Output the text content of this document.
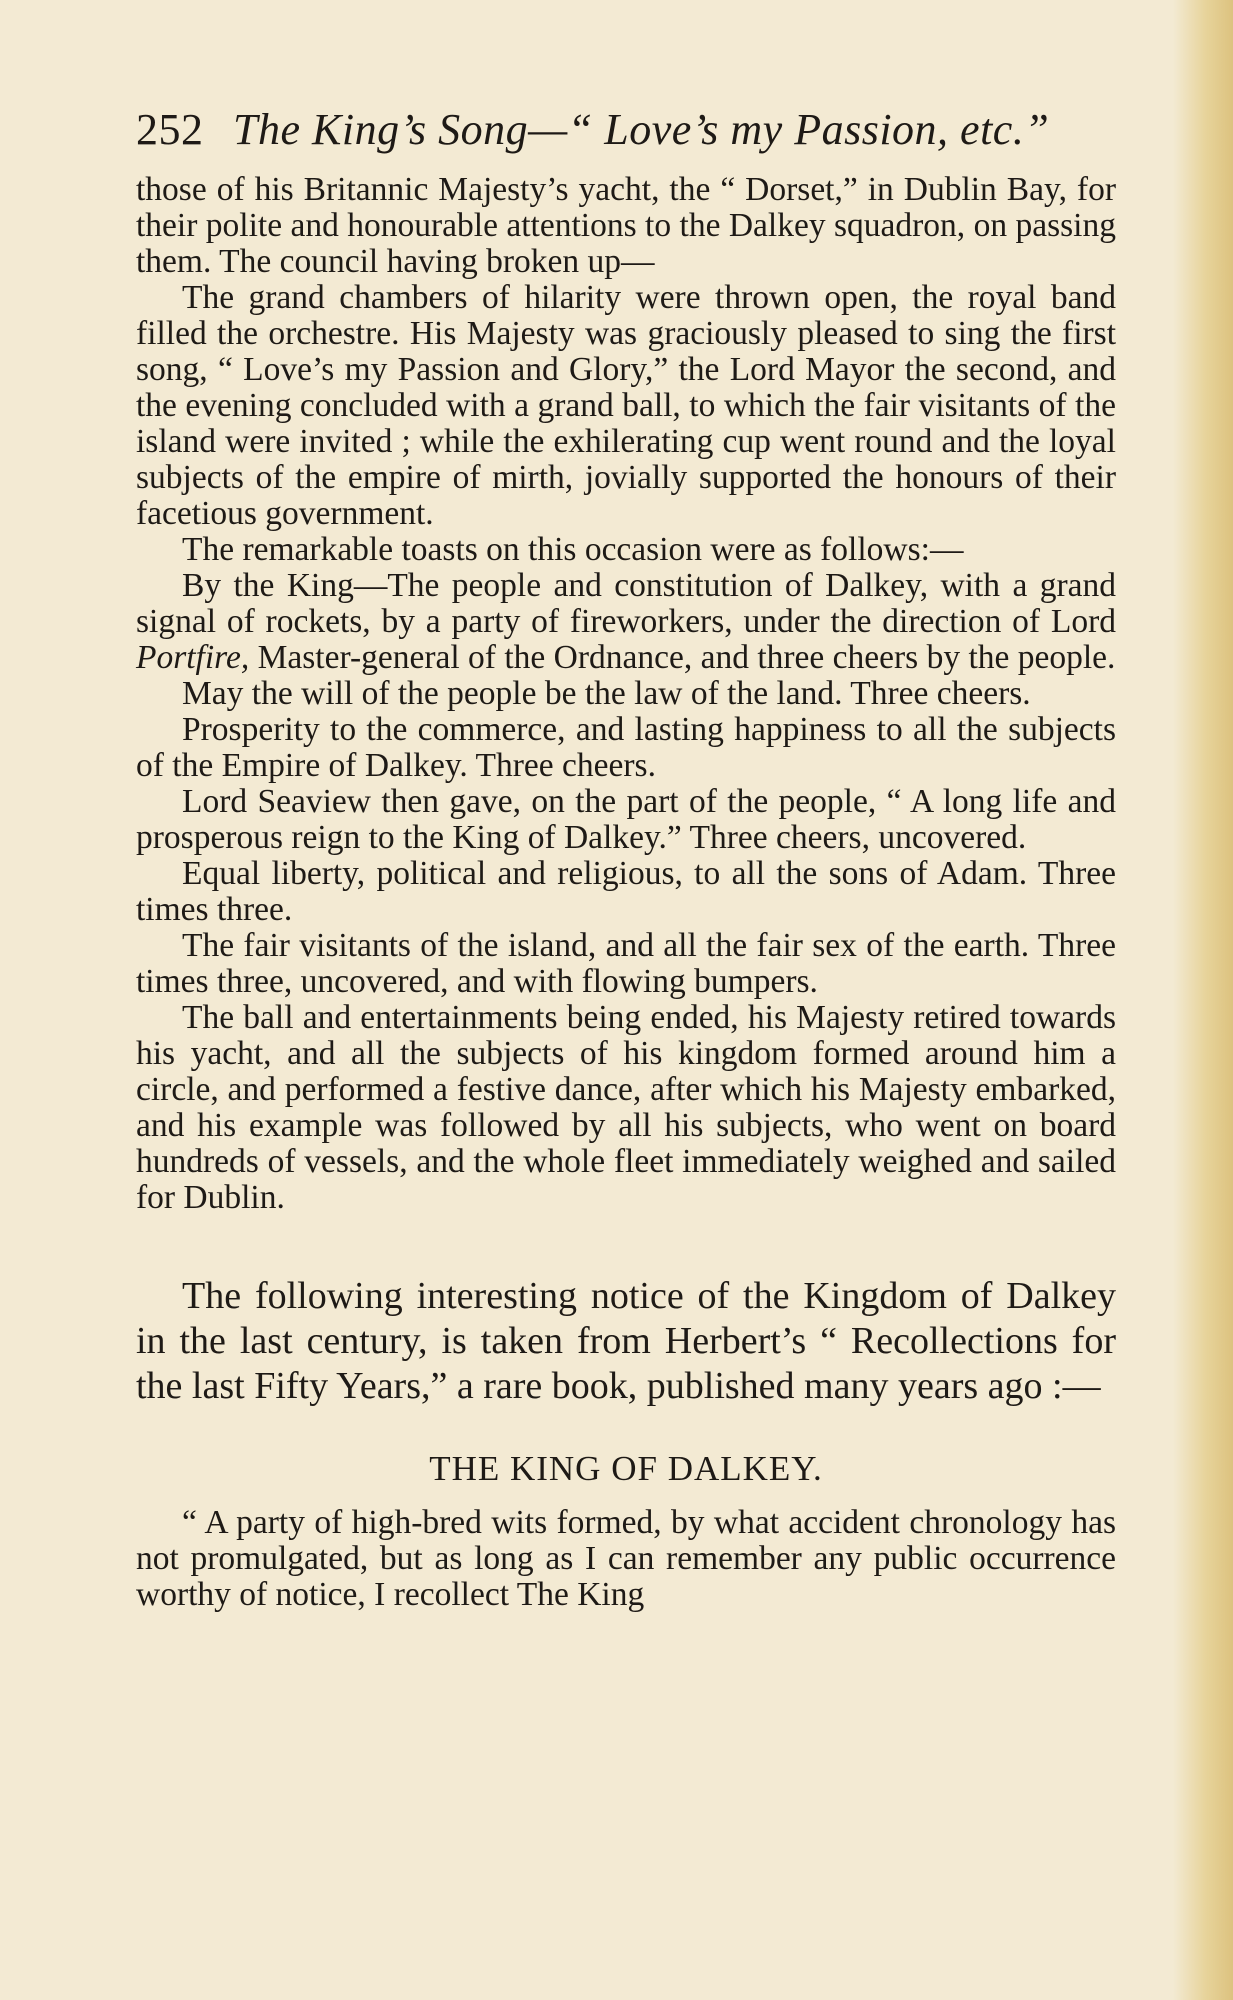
252 The King’s Song—“ Love’s my Passion, etc.”

those of his Britannic Majesty’s yacht, the “ Dorset,” in Dublin Bay, for their polite and honourable attentions to the Dalkey squadron, on passing them. The council having broken up—

The grand chambers of hilarity were thrown open, the royal band filled the orchestre. His Majesty was graciously pleased to sing the first song, “ Love’s my Passion and Glory,” the Lord Mayor the second, and the evening concluded with a grand ball, to which the fair visitants of the island were invited ; while the exhilerating cup went round and the loyal subjects of the empire of mirth, jovially supported the honours of their facetious government.

The remarkable toasts on this occasion were as follows:—

By the King—The people and constitution of Dalkey, with a grand signal of rockets, by a party of fireworkers, under the direction of Lord Portfire, Master-general of the Ordnance, and three cheers by the people.

May the will of the people be the law of the land. Three cheers.

Prosperity to the commerce, and lasting happiness to all the subjects of the Empire of Dalkey. Three cheers.

Lord Seaview then gave, on the part of the people, “ A long life and prosperous reign to the King of Dalkey.” Three cheers, uncovered.

Equal liberty, political and religious, to all the sons of Adam. Three times three.

The fair visitants of the island, and all the fair sex of the earth. Three times three, uncovered, and with flowing bumpers.

The ball and entertainments being ended, his Majesty retired towards his yacht, and all the subjects of his kingdom formed around him a circle, and performed a festive dance, after which his Majesty embarked, and his example was followed by all his subjects, who went on board hundreds of vessels, and the whole fleet immediately weighed and sailed for Dublin.

The following interesting notice of the Kingdom of Dalkey in the last century, is taken from Herbert’s “ Recollections for the last Fifty Years,” a rare book, published many years ago :—

THE KING OF DALKEY.

“ A party of high-bred wits formed, by what accident chronology has not promulgated, but as long as I can remember any public occurrence worthy of notice, I recollect The King
